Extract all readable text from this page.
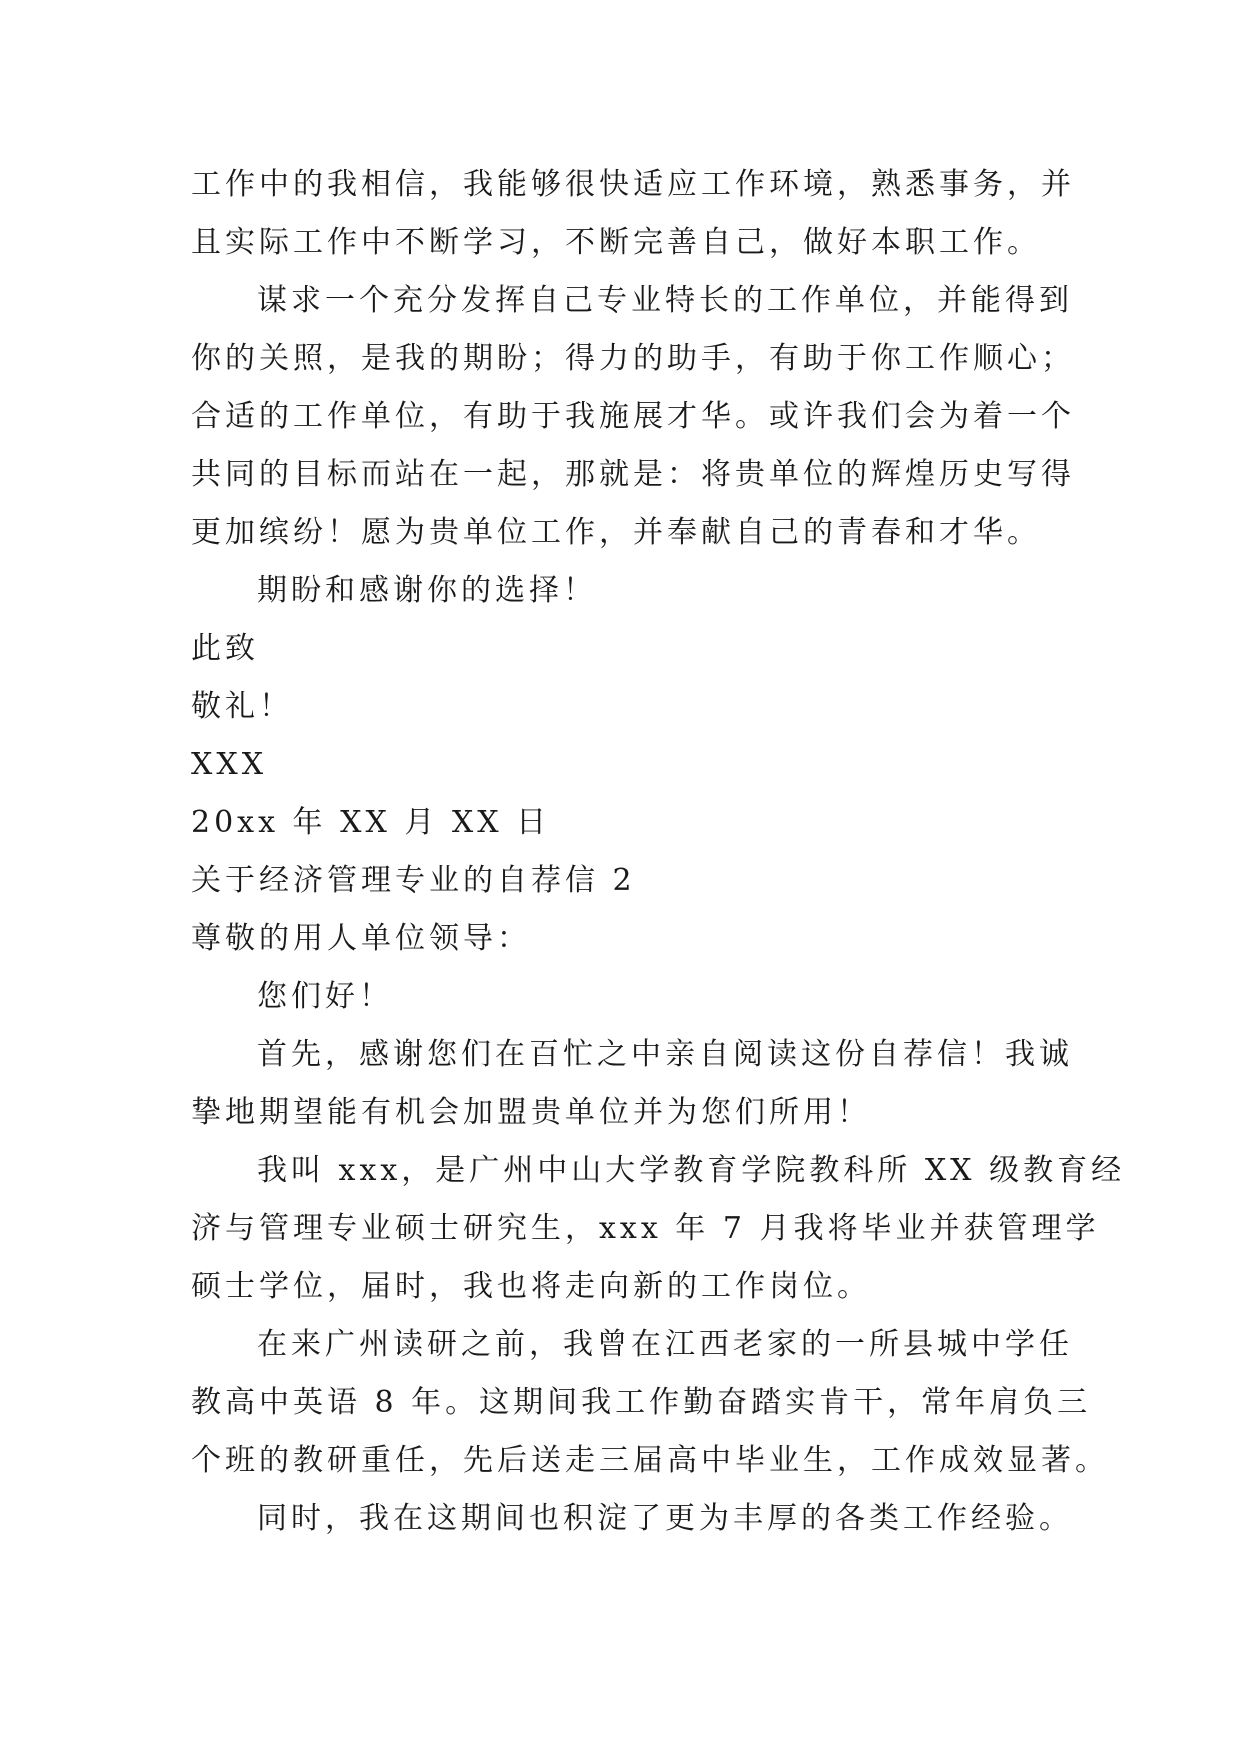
工作中的我相信，我能够很快适应工作环境，熟悉事务，并
且实际工作中不断学习，不断完善自己，做好本职工作。
谋求一个充分发挥自己专业特长的工作单位，并能得到
你的关照，是我的期盼；得力的助手，有助于你工作顺心；
合适的工作单位，有助于我施展才华。或许我们会为着一个
共同的目标而站在一起，那就是：将贵单位的辉煌历史写得
更加缤纷！愿为贵单位工作，并奉献自己的青春和才华。
期盼和感谢你的选择！
此致
敬礼！
XXX
20xx 年 XX 月 XX 日
关于经济管理专业的自荐信 2
尊敬的用人单位领导：
您们好！
首先，感谢您们在百忙之中亲自阅读这份自荐信！我诚
挚地期望能有机会加盟贵单位并为您们所用！
我叫 xxx，是广州中山大学教育学院教科所 XX 级教育经
济与管理专业硕士研究生，xxx 年 7 月我将毕业并获管理学
硕士学位，届时，我也将走向新的工作岗位。
在来广州读研之前，我曾在江西老家的一所县城中学任
教高中英语 8 年。这期间我工作勤奋踏实肯干，常年肩负三
个班的教研重任，先后送走三届高中毕业生，工作成效显著。
同时，我在这期间也积淀了更为丰厚的各类工作经验。
